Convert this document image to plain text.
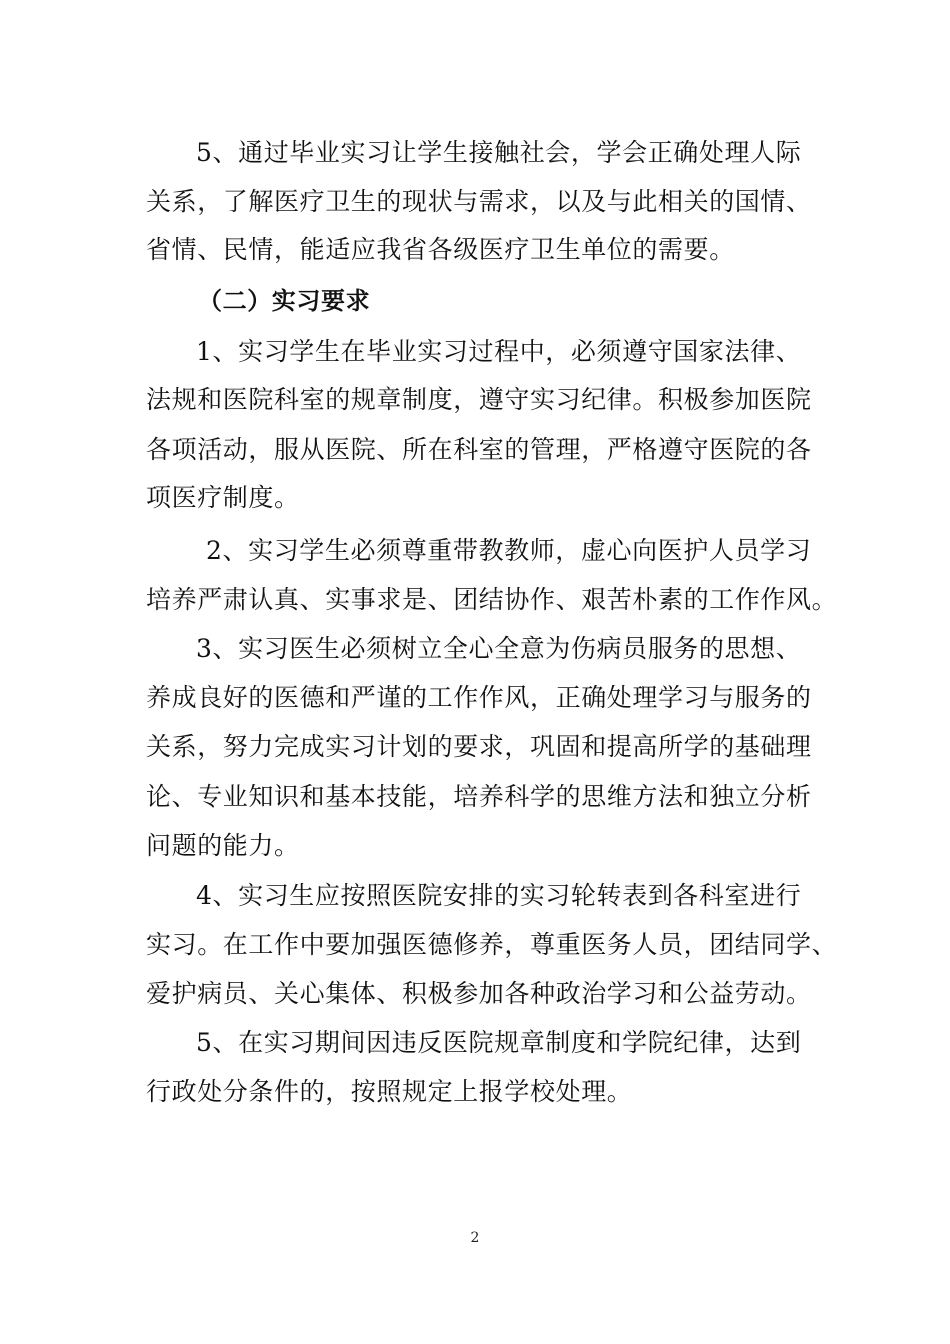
5、通过毕业实习让学生接触社会，学会正确处理人际
关系，了解医疗卫生的现状与需求，以及与此相关的国情、
省情、民情，能适应我省各级医疗卫生单位的需要。
（二）实习要求
1、实习学生在毕业实习过程中，必须遵守国家法律、
法规和医院科室的规章制度，遵守实习纪律。积极参加医院
各项活动，服从医院、所在科室的管理，严格遵守医院的各
项医疗制度。
2、实习学生必须尊重带教教师，虚心向医护人员学习
培养严肃认真、实事求是、团结协作、艰苦朴素的工作作风。
3、实习医生必须树立全心全意为伤病员服务的思想、
养成良好的医德和严谨的工作作风，正确处理学习与服务的
关系，努力完成实习计划的要求，巩固和提高所学的基础理
论、专业知识和基本技能，培养科学的思维方法和独立分析
问题的能力。
4、实习生应按照医院安排的实习轮转表到各科室进行
实习。在工作中要加强医德修养，尊重医务人员，团结同学、
爱护病员、关心集体、积极参加各种政治学习和公益劳动。
5、在实习期间因违反医院规章制度和学院纪律，达到
行政处分条件的，按照规定上报学校处理。
2
